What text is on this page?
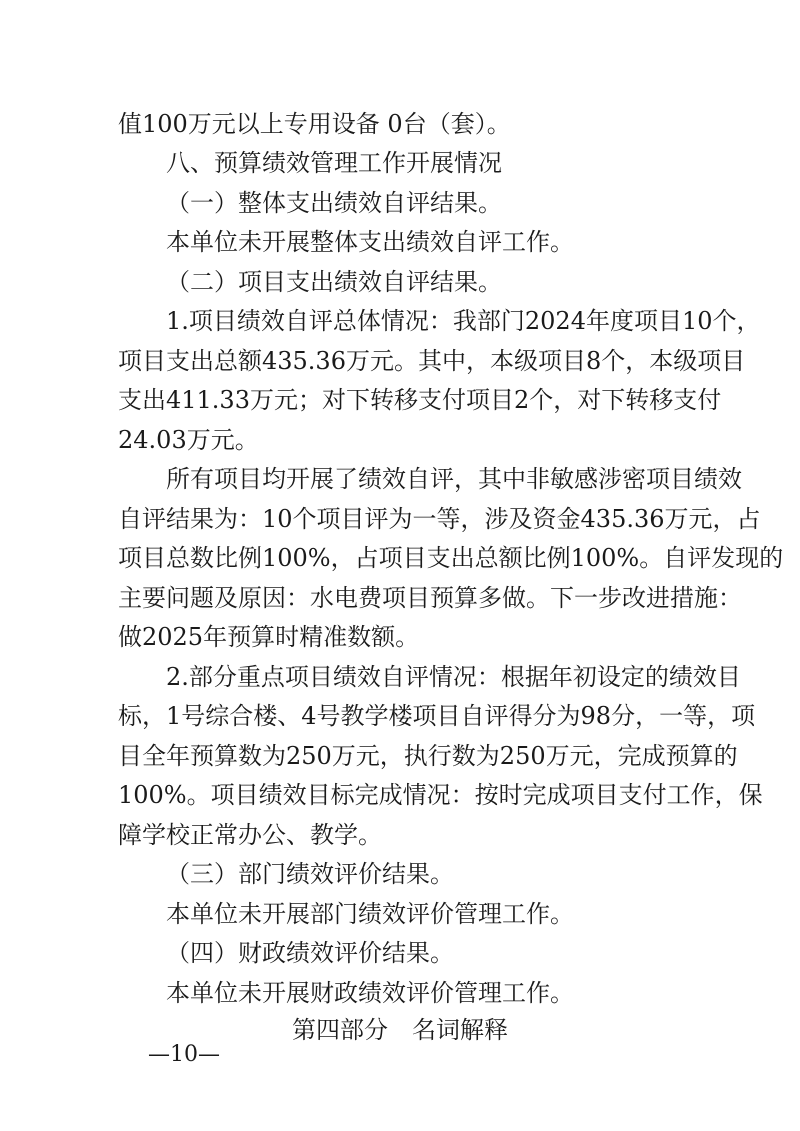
值100万元以上专用设备 0台（套）。
八、预算绩效管理工作开展情况
（一）整体支出绩效自评结果。
本单位未开展整体支出绩效自评工作。
（二）项目支出绩效自评结果。
1.项目绩效自评总体情况：我部门2024年度项目10个，
项目支出总额435.36万元。其中，本级项目8个，本级项目
支出411.33万元；对下转移支付项目2个，对下转移支付
24.03万元。
所有项目均开展了绩效自评，其中非敏感涉密项目绩效
自评结果为：10个项目评为一等，涉及资金435.36万元，占
项目总数比例100%，占项目支出总额比例100%。自评发现的
主要问题及原因：水电费项目预算多做。下一步改进措施：
做2025年预算时精准数额。
2.部分重点项目绩效自评情况：根据年初设定的绩效目
标，1号综合楼、4号教学楼项目自评得分为98分，一等，项
目全年预算数为250万元，执行数为250万元，完成预算的
100%。项目绩效目标完成情况：按时完成项目支付工作，保
障学校正常办公、教学。
（三）部门绩效评价结果。
本单位未开展部门绩效评价管理工作。
（四）财政绩效评价结果。
本单位未开展财政绩效评价管理工作。
第四部分　名词解释
—10—
